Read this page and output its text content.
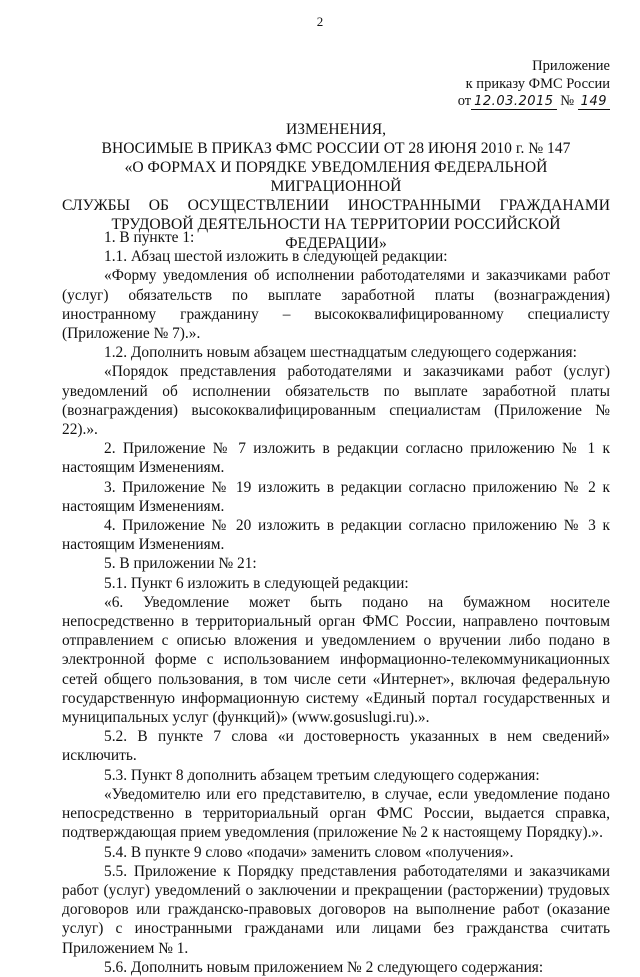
2
Приложение
к приказу ФМС России
от 12.03.2015 № 149
ИЗМЕНЕНИЯ,
ВНОСИМЫЕ В ПРИКАЗ ФМС РОССИИ ОТ 28 ИЮНЯ 2010 г. № 147
«О ФОРМАХ И ПОРЯДКЕ УВЕДОМЛЕНИЯ ФЕДЕРАЛЬНОЙ МИГРАЦИОННОЙ
СЛУЖБЫ ОБ ОСУЩЕСТВЛЕНИИ ИНОСТРАННЫМИ ГРАЖДАНАМИ
ТРУДОВОЙ ДЕЯТЕЛЬНОСТИ НА ТЕРРИТОРИИ РОССИЙСКОЙ ФЕДЕРАЦИИ»

1. В пункте 1:

1.1. Абзац шестой изложить в следующей редакции:

«Форму уведомления об исполнении работодателями и заказчиками работ (услуг) обязательств по выплате заработной платы (вознаграждения) иностранному гражданину – высококвалифицированному специалисту (Приложение № 7).».

1.2. Дополнить новым абзацем шестнадцатым следующего содержания:

«Порядок представления работодателями и заказчиками работ (услуг) уведомлений об исполнении обязательств по выплате заработной платы (вознаграждения) высококвалифицированным специалистам (Приложение № 22).».

2. Приложение № 7 изложить в редакции согласно приложению № 1 к настоящим Изменениям.

3. Приложение № 19 изложить в редакции согласно приложению № 2 к настоящим Изменениям.

4. Приложение № 20 изложить в редакции согласно приложению № 3 к настоящим Изменениям.

5. В приложении № 21:

5.1. Пункт 6 изложить в следующей редакции:

«6. Уведомление может быть подано на бумажном носителе непосредственно в территориальный орган ФМС России, направлено почтовым отправлением с описью вложения и уведомлением о вручении либо подано в электронной форме с использованием информационно-телекоммуникационных сетей общего пользования, в том числе сети «Интернет», включая федеральную государственную информационную систему «Единый портал государственных и муниципальных услуг (функций)» (www.gosuslugi.ru).».

5.2. В пункте 7 слова «и достоверность указанных в нем сведений» исключить.

5.3. Пункт 8 дополнить абзацем третьим следующего содержания:

«Уведомителю или его представителю, в случае, если уведомление подано непосредственно в территориальный орган ФМС России, выдается справка, подтверждающая прием уведомления (приложение № 2 к настоящему Порядку).».

5.4. В пункте 9 слово «подачи» заменить словом «получения».

5.5. Приложение к Порядку представления работодателями и заказчиками работ (услуг) уведомлений о заключении и прекращении (расторжении) трудовых договоров или гражданско-правовых договоров на выполнение работ (оказание услуг) с иностранными гражданами или лицами без гражданства считать Приложением № 1.

5.6. Дополнить новым приложением № 2 следующего содержания:
